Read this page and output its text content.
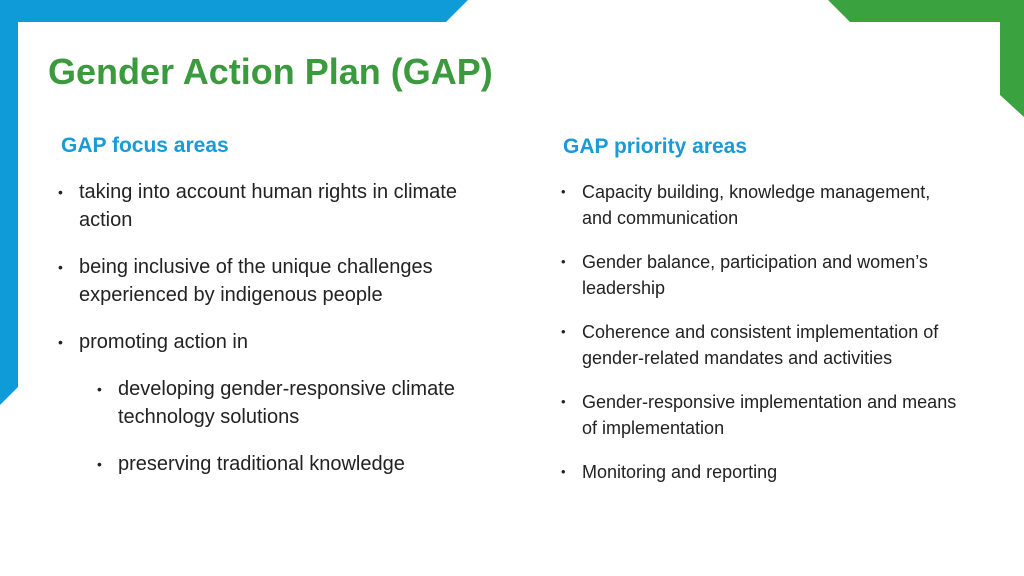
Gender Action Plan (GAP)
GAP focus areas
• taking into account human rights in climate action
• being inclusive of the unique challenges experienced by indigenous people
• promoting action in
• developing gender-responsive climate technology solutions
• preserving traditional knowledge
GAP priority areas
• Capacity building, knowledge management, and communication
• Gender balance, participation and women’s leadership
• Coherence and consistent implementation of gender-related mandates and activities
• Gender-responsive implementation and means of implementation
• Monitoring and reporting
